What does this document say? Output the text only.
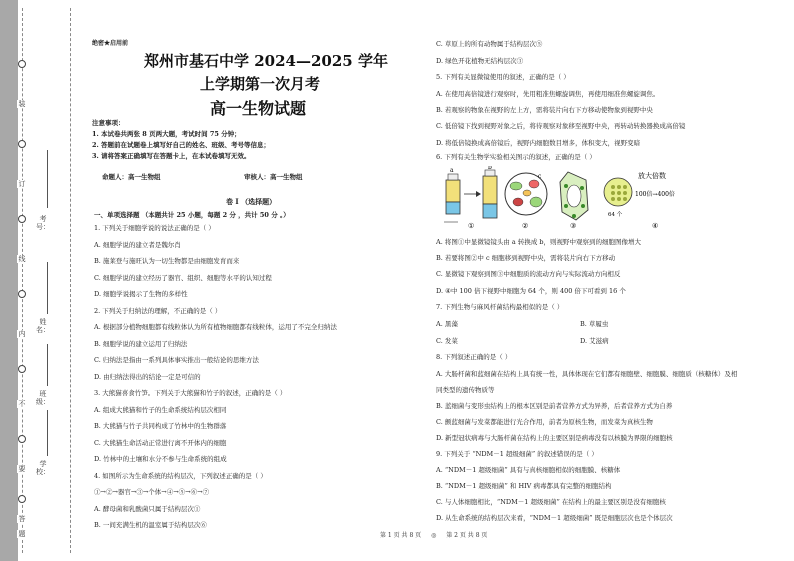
装
订
线
内
不
要
答
题
考号：
姓名：
班级：
学校：
绝密★启用前
郑州市基石中学 2024—2025 学年
上学期第一次月考
高一生物试题
注意事项：
1. 本试卷共两张 8 页两大题，考试时间 75 分钟；
2. 答题前在试题卷上填写好自己的姓名、班级、考号等信息；
3. 请将答案正确填写在答题卡上，在本试卷填写无效。
命题人：高一生物组	审核人：高一生物组
卷 I （选择题）
一、单项选择题 （本题共计 25 小题，每题 2 分 ，共计 50 分 。）
1. 下列关于细胞学说的说法正确的是（ ）
A. 细胞学说的建立者是魏尔肖
B. 施莱登与施旺认为一切生物都是由细胞发育而来
C. 细胞学说的建立经历了器官、组织、细胞等水平的认知过程
D. 细胞学说揭示了生物的多样性
2. 下列关于归纳法的理解，不正确的是（ ）
A. 根据部分植物细胞都有线粒体认为所有植物细胞都有线粒体，运用了不完全归纳法
B. 细胞学说的建立运用了归纳法
C. 归纳法是指由一系列具体事实推出一般结论的思维方法
D. 由归纳法得出的结论一定是可信的
3. 大熊猫喜食竹笋。下列关于大熊猫和竹子的叙述，正确的是（ ）
A. 组成大熊猫和竹子的生命系统结构层次相同
B. 大熊猫与竹子共同构成了竹林中的生物群落
C. 大熊猫生命活动正常进行离不开体内的细胞
D. 竹林中的土壤和水分不参与生命系统的组成
4. 如图所示为生命系统的结构层次，下列叙述正确的是（ ）
①→②→器官→③→个体→④→⑤→⑥→⑦
A. 酵母菌和乳酸菌只属于结构层次①
B. 一间充满生机的温室属于结构层次⑥
C. 草原上的所有动物属于结构层次⑤
D. 绿色开花植物无结构层次③
5. 下列有关显微镜使用的叙述，正确的是（ ）
A. 在使用高倍镜进行观察时，先用粗准焦螺旋调焦，再使用细准焦螺旋调焦。
B. 若观察的物象在视野的左上方，需将装片向右下方移动使物象到视野中央
C. 低倍镜下找到视野对象之后，将待观察对象移至视野中央，再转动转换器换成高倍镜
D. 将低倍镜换成高倍镜后，视野内细胞数目增多，体积变大，视野变暗
6. 下列有关生物学实验相关图示的叙述，正确的是（ ）
A. 将图①中显微镜镜头由 a 转换成 b，则视野中观察到的细胞图像增大
B. 若要将图②中 c 细胞移到视野中央，需将装片向右下方移动
C. 显微镜下观察到图③中细胞质的流动方向与实际流动方向相反
D. ④中 100 倍下视野中细胞为 64 个，则 400 倍下可看到 16 个
7. 下列生物与麻风杆菌结构最相似的是（ ）
A. 黑藻	B. 草履虫
C. 发菜	D. 艾滋病
8. 下列叙述正确的是（ ）
A. 大肠杆菌和蓝细菌在结构上具有统一性，具体体现在它们都有细胞壁、细胞膜、细胞质（核糖体）及相
同类型的遗传物质等
B. 蓝细菌与变形虫结构上的根本区别是前者营养方式为异养，后者营养方式为自养
C. 颤蓝细菌与发菜都能进行光合作用，前者为原核生物，而发菜为真核生物
D. 新型冠状病毒与大肠杆菌在结构上的主要区别是病毒没有以核膜为界限的细胞核
9. 下列关于 “NDM－1 超级细菌” 的叙述错误的是（ ）
A. “NDM－1 超级细菌” 具有与真核细胞相似的细胞膜、核糖体
B. “NDM－1 超级细菌” 和 HIV 病毒都具有完整的细胞结构
C. 与人体细胞相比，“NDM－1 超级细菌” 在结构上的最主要区别是没有细胞核
D. 从生命系统的结构层次来看，“NDM－1 超级细菌” 既是细胞层次也是个体层次
a	b
①
c
②	③
64 个
放大倍数
100倍→400倍
④
第 1 页 共 8 页 ◎ 第 2 页 共 8 页
